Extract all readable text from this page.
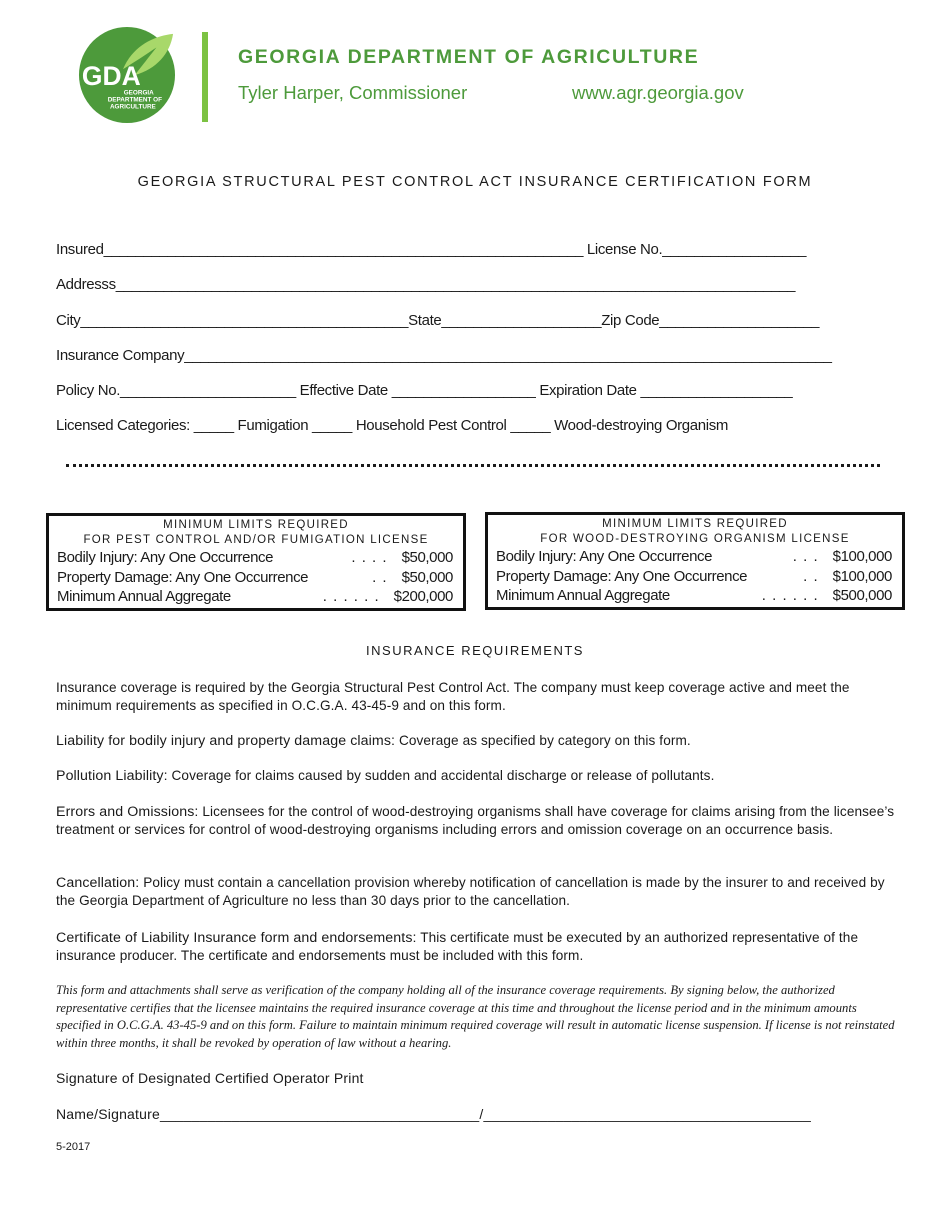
GDA
GEORGIA
DEPARTMENT OF
AGRICULTURE
GEORGIA DEPARTMENT OF AGRICULTURE
Tyler Harper, Commissioner	www.agr.georgia.gov
GEORGIA STRUCTURAL PEST CONTROL ACT INSURANCE CERTIFICATION FORM
Insured____________________________________________________________ License No.__________________
Addresss_____________________________________________________________________________________
City_________________________________________State____________________Zip Code____________________
Insurance Company_________________________________________________________________________________
Policy No.______________________ Effective Date __________________ Expiration Date ___________________
Licensed Categories: _____ Fumigation _____ Household Pest Control _____ Wood-destroying Organism
MINIMUM LIMITS REQUIRED
FOR PEST CONTROL AND/OR FUMIGATION LICENSE
Bodily Injury: Any One Occurrence	. . . . $50,000
Property Damage: Any One Occurrence	. . $50,000
Minimum Annual Aggregate	. . . . . . $200,000
MINIMUM LIMITS REQUIRED
FOR WOOD-DESTROYING ORGANISM LICENSE
Bodily Injury: Any One Occurrence	. . . $100,000
Property Damage: Any One Occurrence	. . $100,000
Minimum Annual Aggregate	. . . . . . $500,000
INSURANCE REQUIREMENTS
Insurance coverage is required by the Georgia Structural Pest Control Act. The company must keep coverage active and meet the minimum requirements as specified in O.C.G.A. 43-45-9 and on this form.
Liability for bodily injury and property damage claims: Coverage as specified by category on this form.
Pollution Liability: Coverage for claims caused by sudden and accidental discharge or release of pollutants.
Errors and Omissions: Licensees for the control of wood-destroying organisms shall have coverage for claims arising from the licensee’s treatment or services for control of wood-destroying organisms including errors and omission coverage on an occurrence basis.
Cancellation: Policy must contain a cancellation provision whereby notification of cancellation is made by the insurer to and received by the Georgia Department of Agriculture no less than 30 days prior to the cancellation.
Certificate of Liability Insurance form and endorsements: This certificate must be executed by an authorized representative of the insurance producer. The certificate and endorsements must be included with this form.
This form and attachments shall serve as verification of the company holding all of the insurance coverage requirements. By signing below, the authorized representative certifies that the licensee maintains the required insurance coverage at this time and throughout the license period and in the minimum amounts specified in O.C.G.A. 43-45-9 and on this form. Failure to maintain minimum required coverage will result in automatic license suspension. If license is not reinstated within three months, it shall be revoked by operation of law without a hearing.
Signature of Designated Certified Operator Print
Name/Signature________________________________________/_________________________________________
5-2017
